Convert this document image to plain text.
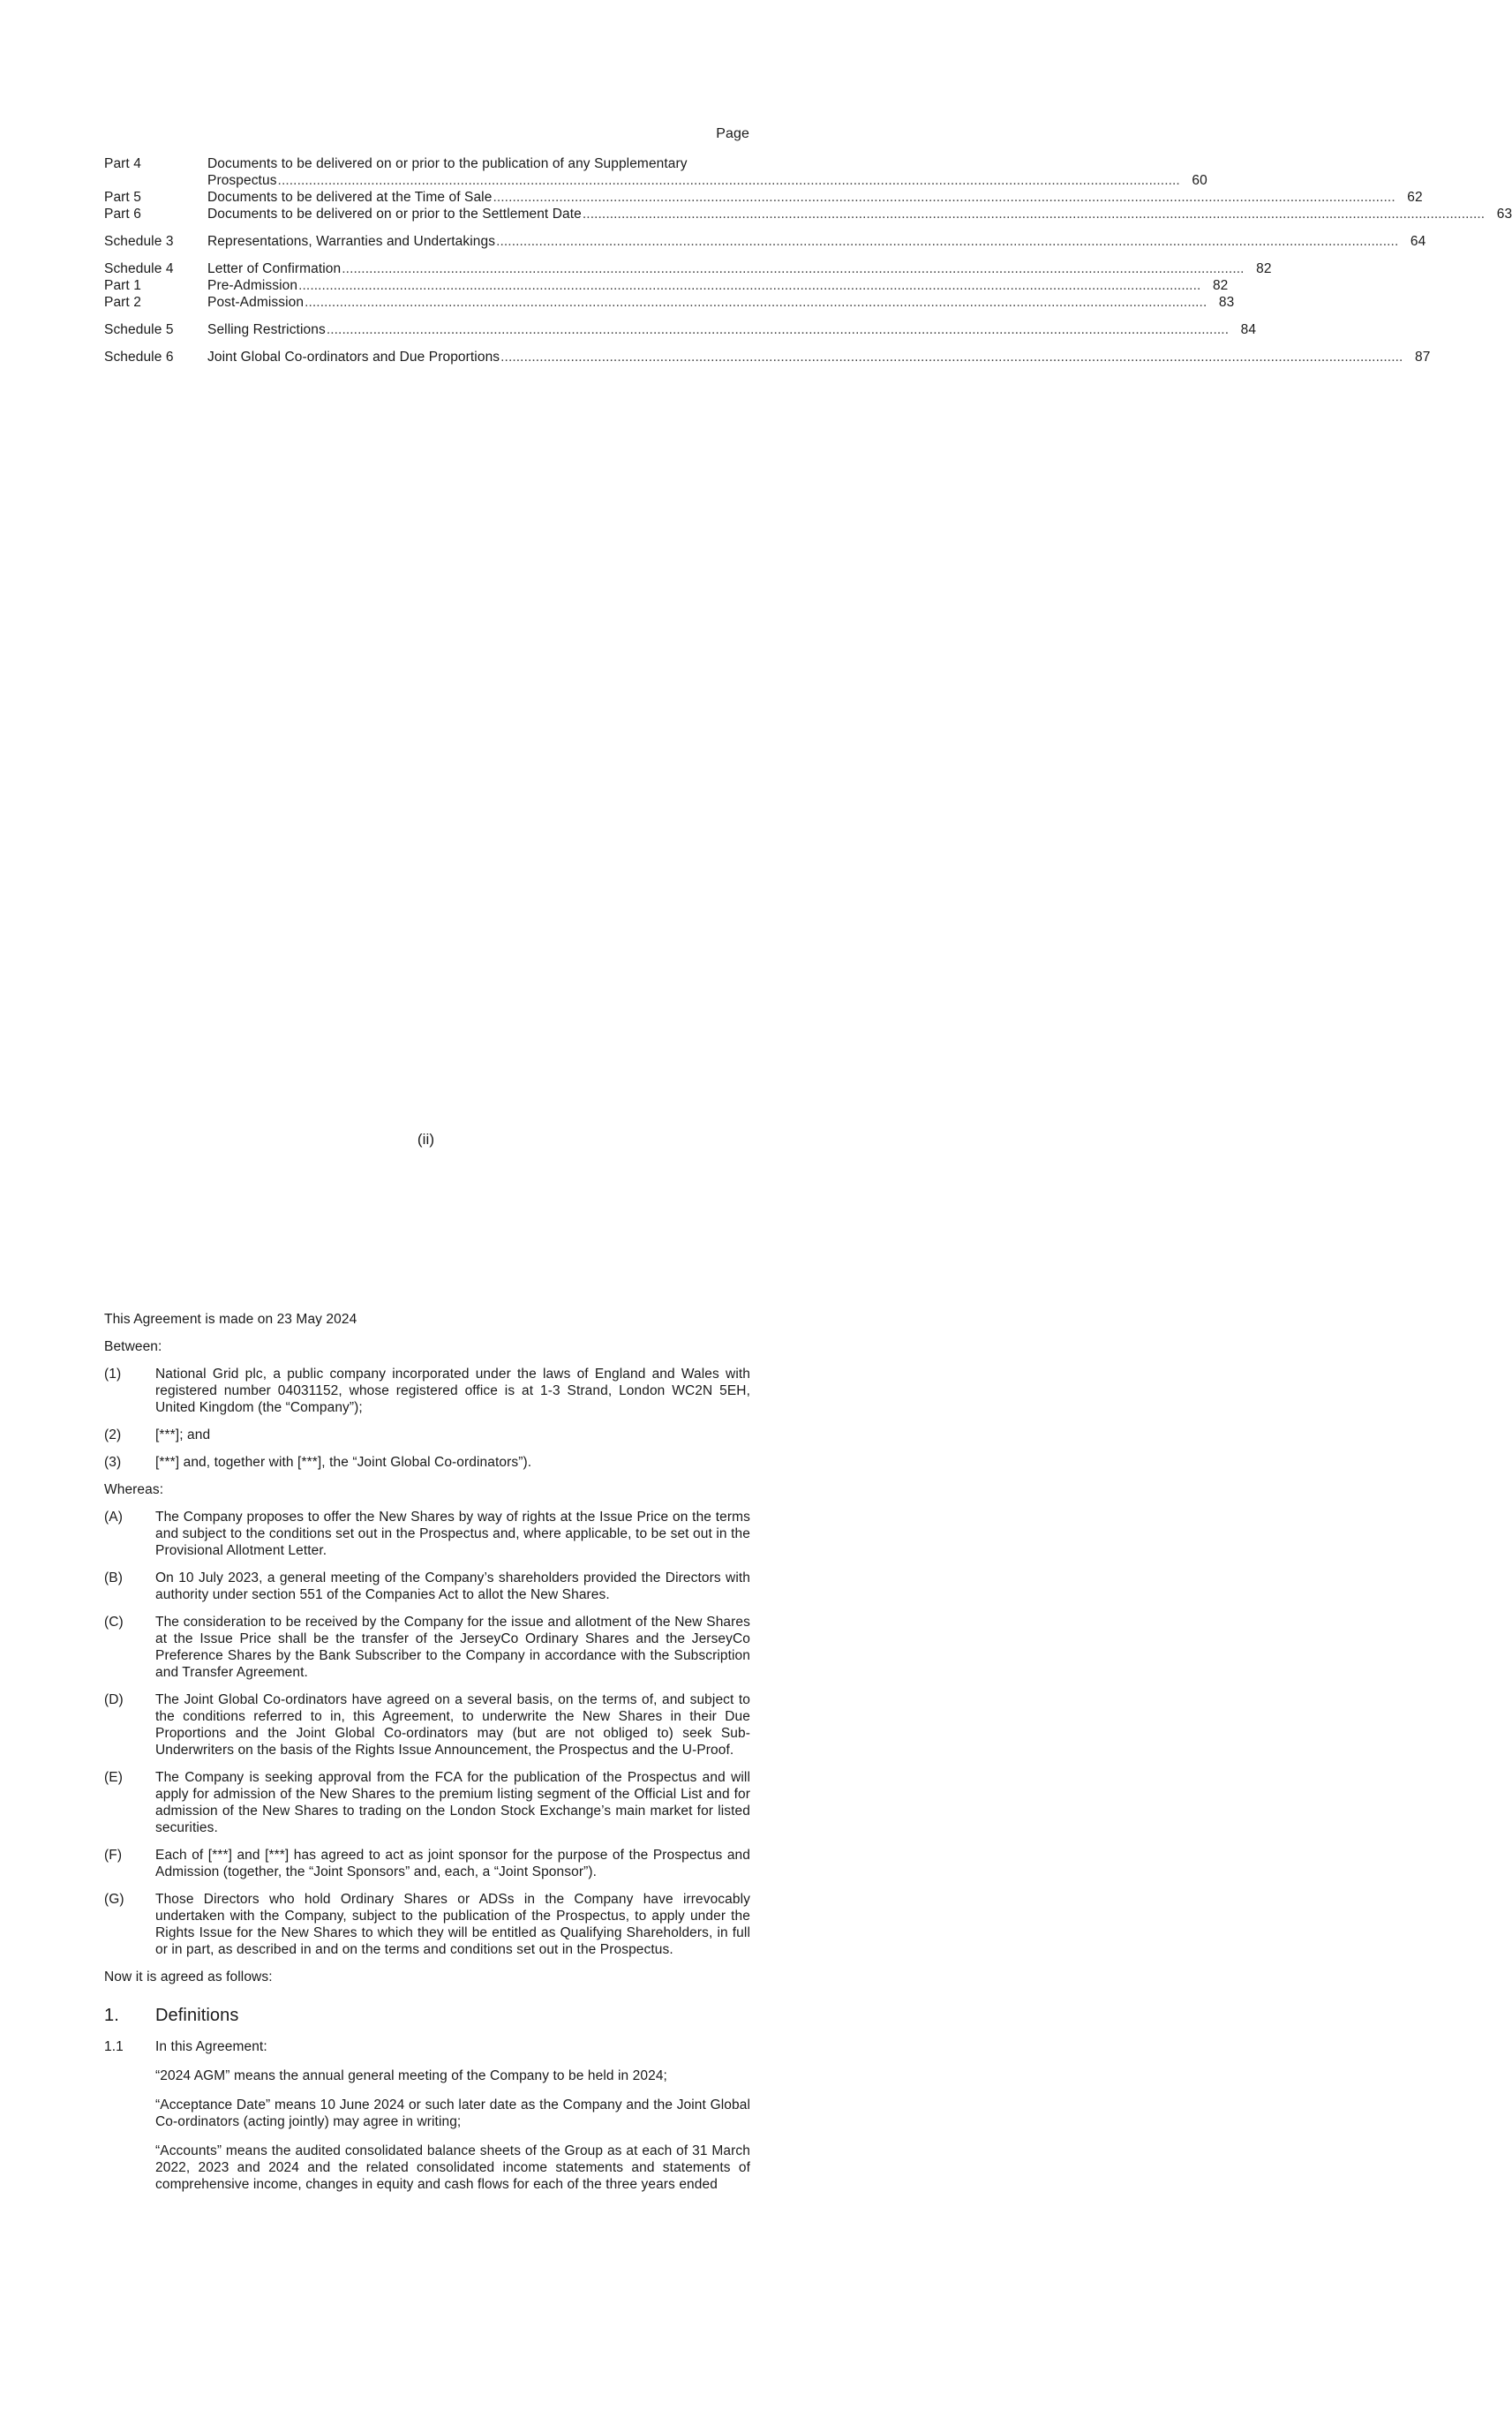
Page
Part 4	Documents to be delivered on or prior to the publication of any Supplementary
Prospectus .....	60
Part 5	Documents to be delivered at the Time of Sale .....	62
Part 6	Documents to be delivered on or prior to the Settlement Date .....	63
Schedule 3	Representations, Warranties and Undertakings .....	64
Schedule 4	Letter of Confirmation .....	82
Part 1	Pre-Admission .....	82
Part 2	Post-Admission .....	83
Schedule 5	Selling Restrictions .....	84
Schedule 6	Joint Global Co-ordinators and Due Proportions .....	87
(ii)

This Agreement is made on 23 May 2024

Between:

(1)	National Grid plc, a public company incorporated under the laws of England and Wales with registered number 04031152, whose registered office is at 1-3 Strand, London WC2N 5EH, United Kingdom (the “Company”);
(2)	[***]; and
(3)	[***] and, together with [***], the “Joint Global Co-ordinators”).

Whereas:

(A)	The Company proposes to offer the New Shares by way of rights at the Issue Price on the terms and subject to the conditions set out in the Prospectus and, where applicable, to be set out in the Provisional Allotment Letter.
(B)	On 10 July 2023, a general meeting of the Company’s shareholders provided the Directors with authority under section 551 of the Companies Act to allot the New Shares.
(C)	The consideration to be received by the Company for the issue and allotment of the New Shares at the Issue Price shall be the transfer of the JerseyCo Ordinary Shares and the JerseyCo Preference Shares by the Bank Subscriber to the Company in accordance with the Subscription and Transfer Agreement.
(D)	The Joint Global Co-ordinators have agreed on a several basis, on the terms of, and subject to the conditions referred to in, this Agreement, to underwrite the New Shares in their Due Proportions and the Joint Global Co-ordinators may (but are not obliged to) seek Sub-Underwriters on the basis of the Rights Issue Announcement, the Prospectus and the U-Proof.
(E)	The Company is seeking approval from the FCA for the publication of the Prospectus and will apply for admission of the New Shares to the premium listing segment of the Official List and for admission of the New Shares to trading on the London Stock Exchange’s main market for listed securities.
(F)	Each of [***] and [***] has agreed to act as joint sponsor for the purpose of the Prospectus and Admission (together, the “Joint Sponsors” and, each, a “Joint Sponsor”).
(G)	Those Directors who hold Ordinary Shares or ADSs in the Company have irrevocably undertaken with the Company, subject to the publication of the Prospectus, to apply under the Rights Issue for the New Shares to which they will be entitled as Qualifying Shareholders, in full or in part, as described in and on the terms and conditions set out in the Prospectus.

Now it is agreed as follows:

1.	Definitions
1.1	In this Agreement:

“2024 AGM” means the annual general meeting of the Company to be held in 2024;

“Acceptance Date” means 10 June 2024 or such later date as the Company and the Joint Global Co-ordinators (acting jointly) may agree in writing;

“Accounts” means the audited consolidated balance sheets of the Group as at each of 31 March 2022, 2023 and 2024 and the related consolidated income statements and statements of comprehensive income, changes in equity and cash flows for each of the three years ended
